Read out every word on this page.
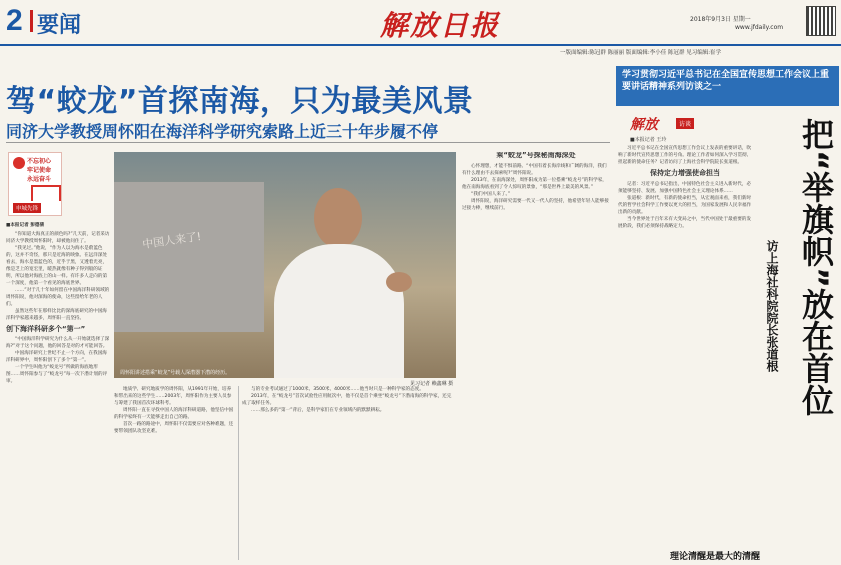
2 要闻	解放日报	2018年9月3日 星期一
www.jfdaily.com
一版面编辑:陈冠群 陈丽丽 版面编辑:李小佳 陈冠群 见习编辑:崔学
驾“蛟龙”首探南海，只为最美风景
同济大学教授周怀阳在海洋科学研究索路上近三十年步履不停
不忘初心
牢记使命
永远奋斗
申城先锋
■本报记者 彭德倩

“你知道大海真正的颜色吗?”几天前，记者采访同济大学教授周怀阳时，却被他问住了。

“我见过。”他说，“作为人以为海水是蔚蓝色的，这并不奇怪，那只是近海的映象。在远洋深处看去，海水是墨蓝色的，近乎于黑，又透着光亮，像是乏上的宽宏里，暖热就像有种子得到般的证明，所以他对海底上的山一样。有许多人走向的第一个深度，他第一个看见的海底世界。

……”对于几十年如何留在中国海洋科研领域的周怀阳说，他对深海的使命，这些留给年老的人们。

虽然这些年在那样比比的深海底研究的中国海洋科学家越来越多，周怀阳一直坚持。

创下海洋科研多个“第一”

“中国海洋科学研究为什么从一开始就选择了深海?”对于这个问题，他的回答是对的才可能回答。

中国海洋研究上世纪不止一个方向，在我国海洋科研界中，周怀阳创下了多个“第一”。

一个学生叫他为“蛟龙号”所做的海底地形图……周怀阳参与了“蛟龙号”每一次下潜计划的评审。

中国人来了!
周怀阳讲述搭乘“蛟龙”号载人深潜器下潜的经历。
见习记者 赖鑫琳 摄

地质学、研究地质学的周怀阳，从1991年开始，培养和带出来的这些学生……2003年，周怀阳作为主要人员参与筹建了我国首次环球科考。

周怀阳一直在寻找中国人的海洋科研道路，他坚信中国的科学家终有一天能够走出自己的路。

首次一路的路途中，周怀阳不仅需要应对各种难题，还要带领团队攻坚克难。

与的专业考试通过了1000米、3500米、4000米……他当时只是一种科学家的态度。

2013年，在“蛟龙号”首次试验性应用航次中，他不仅是首个乘坐“蛟龙号”下潜南海的科学家，还完成了取样任务。

……那么多的“第一”背后，是科学家们在专业领域内的默默耕耘。

乘“蛟龙”号探秘南海深处

心怀理想，才能不惧前路。“中国有着长海岸线和广阔的海洋，我们有什么理由不去探索呢?”周怀阳说。

2013年，在南海深处，周怀阳成为第一位搭乘“蛟龙号”的科学家，他在南海海底看到了令人惊叹的景象，“那是世界上最美的风景。”

“我们中国人来了。”

周怀阳说，海洋研究需要一代又一代人的坚持，他希望年轻人能够接过接力棒，继续前行。

学习贯彻习近平总书记在全国宣传思想工作会议上重要讲话精神系列访谈之一
解放	访谈
■本报记者 王玲

习近平总书记在全国宣传思想工作会议上发表的重要讲话，吹响了新时代宣传思想工作的号角。理论工作者如何深入学习贯彻、担起新的使命任务？记者访问了上海社会科学院院长张道根。

保持定力增强使命担当

记者：习近平总书记指出，中国特色社会主义进入新时代，必须能够坚持、发展、加强中国特色社会主义理论体系……

张道根：新时代，有新的使命担当，从宏观面来看，我们新时代的哲学社会科学工作要以更大的担当，为国家发展和人民幸福作出新的贡献。

当今世界处于百年未有大变局之中，当代中国处于最重要的发展阶段，我们必须保持战略定力。	把“举旗帜”放在首位
访上海社科院院长张道根
理论清醒是最大的清醒
